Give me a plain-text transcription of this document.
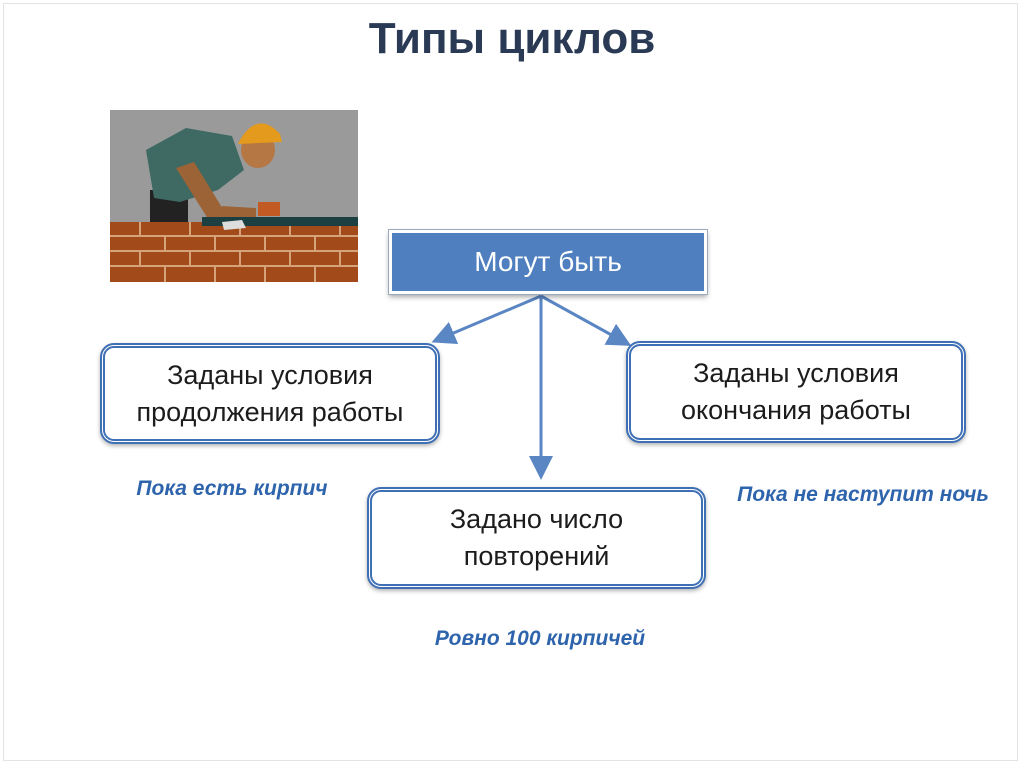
Типы циклов
Могут быть
Заданы условия
продолжения работы
Заданы условия
окончания работы
Задано число
повторений
Пока есть кирпич	Пока не наступит ночь
Ровно 100 кирпичей
